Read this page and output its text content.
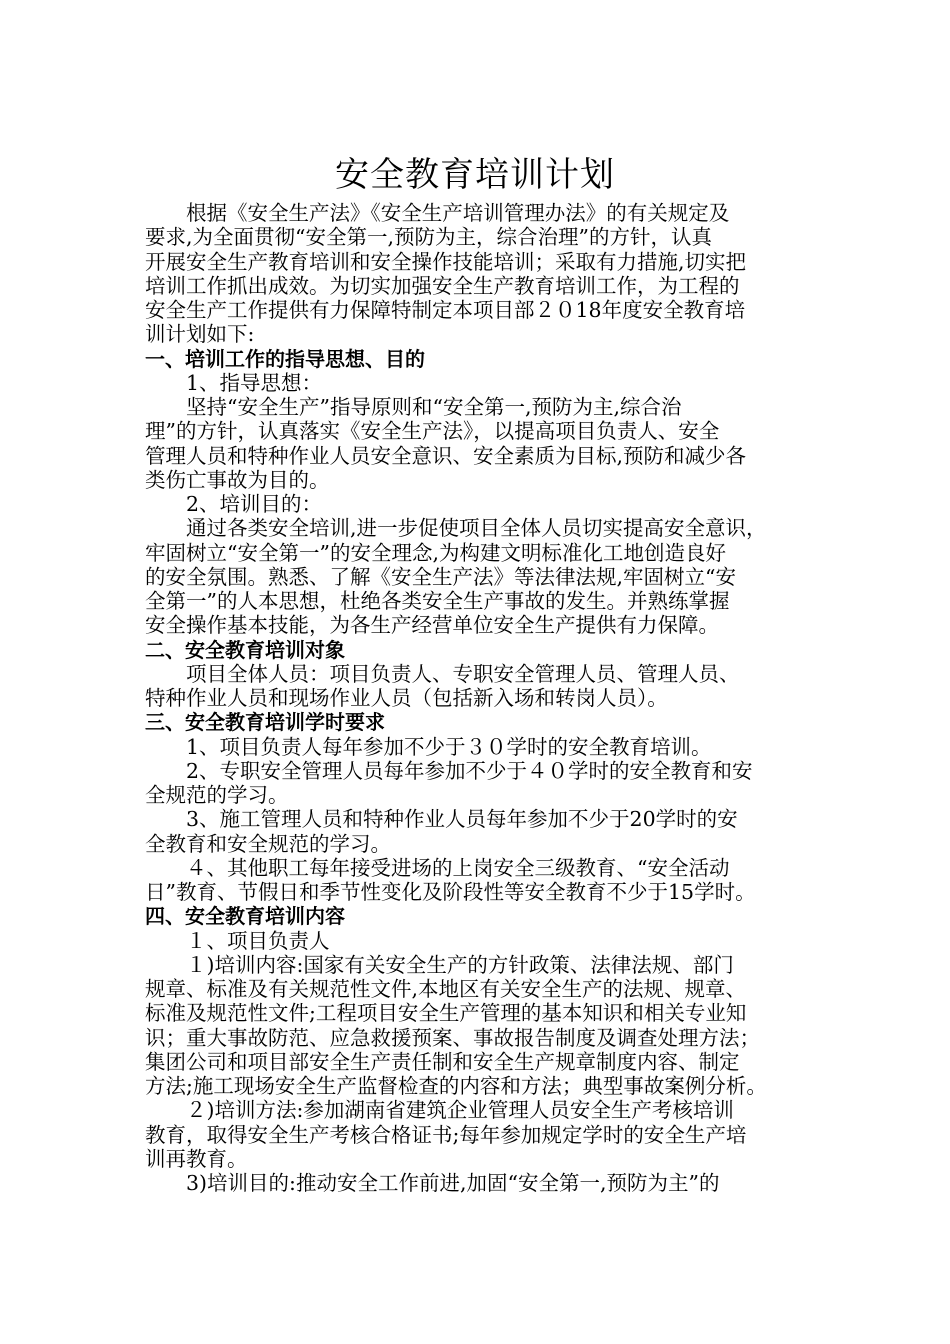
安全教育培训计划
　　根据《安全生产法》《安全生产培训管理办法》的有关规定及
要求,为全面贯彻“安全第一,预防为主，综合治理”的方针，认真
开展安全生产教育培训和安全操作技能培训；采取有力措施,切实把
培训工作抓出成效。为切实加强安全生产教育培训工作，为工程的
安全生产工作提供有力保障特制定本项目部２０18年度安全教育培
训计划如下:
一、培训工作的指导思想、目的
　　1、指导思想：
　　坚持“安全生产”指导原则和“安全第一,预防为主,综合治
理”的方针，认真落实《安全生产法》，以提高项目负责人、安全
管理人员和特种作业人员安全意识、安全素质为目标,预防和减少各
类伤亡事故为目的。
　　2、培训目的：
　　通过各类安全培训,进一步促使项目全体人员切实提高安全意识，
牢固树立“安全第一”的安全理念,为构建文明标准化工地创造良好
的安全氛围。熟悉、了解《安全生产法》等法律法规,牢固树立“安
全第一”的人本思想，杜绝各类安全生产事故的发生。并熟练掌握
安全操作基本技能，为各生产经营单位安全生产提供有力保障。
二、安全教育培训对象
　　项目全体人员：项目负责人、专职安全管理人员、管理人员、
特种作业人员和现场作业人员（包括新入场和转岗人员）。
三、安全教育培训学时要求
　　1、项目负责人每年参加不少于３０学时的安全教育培训。
　　2、专职安全管理人员每年参加不少于４０学时的安全教育和安
全规范的学习。
　　3、施工管理人员和特种作业人员每年参加不少于20学时的安
全教育和安全规范的学习。
　　４、其他职工每年接受进场的上岗安全三级教育、“安全活动
日”教育、节假日和季节性变化及阶段性等安全教育不少于15学时。
四、安全教育培训内容
　　１、项目负责人
　　１)培训内容:国家有关安全生产的方针政策、法律法规、部门
规章、标准及有关规范性文件,本地区有关安全生产的法规、规章、
标准及规范性文件;工程项目安全生产管理的基本知识和相关专业知
识；重大事故防范、应急救援预案、事故报告制度及调查处理方法；
集团公司和项目部安全生产责任制和安全生产规章制度内容、制定
方法;施工现场安全生产监督检查的内容和方法；典型事故案例分析。
　　２)培训方法:参加湖南省建筑企业管理人员安全生产考核培训
教育，取得安全生产考核合格证书;每年参加规定学时的安全生产培
训再教育。
　　3)培训目的:推动安全工作前进,加固“安全第一,预防为主”的
